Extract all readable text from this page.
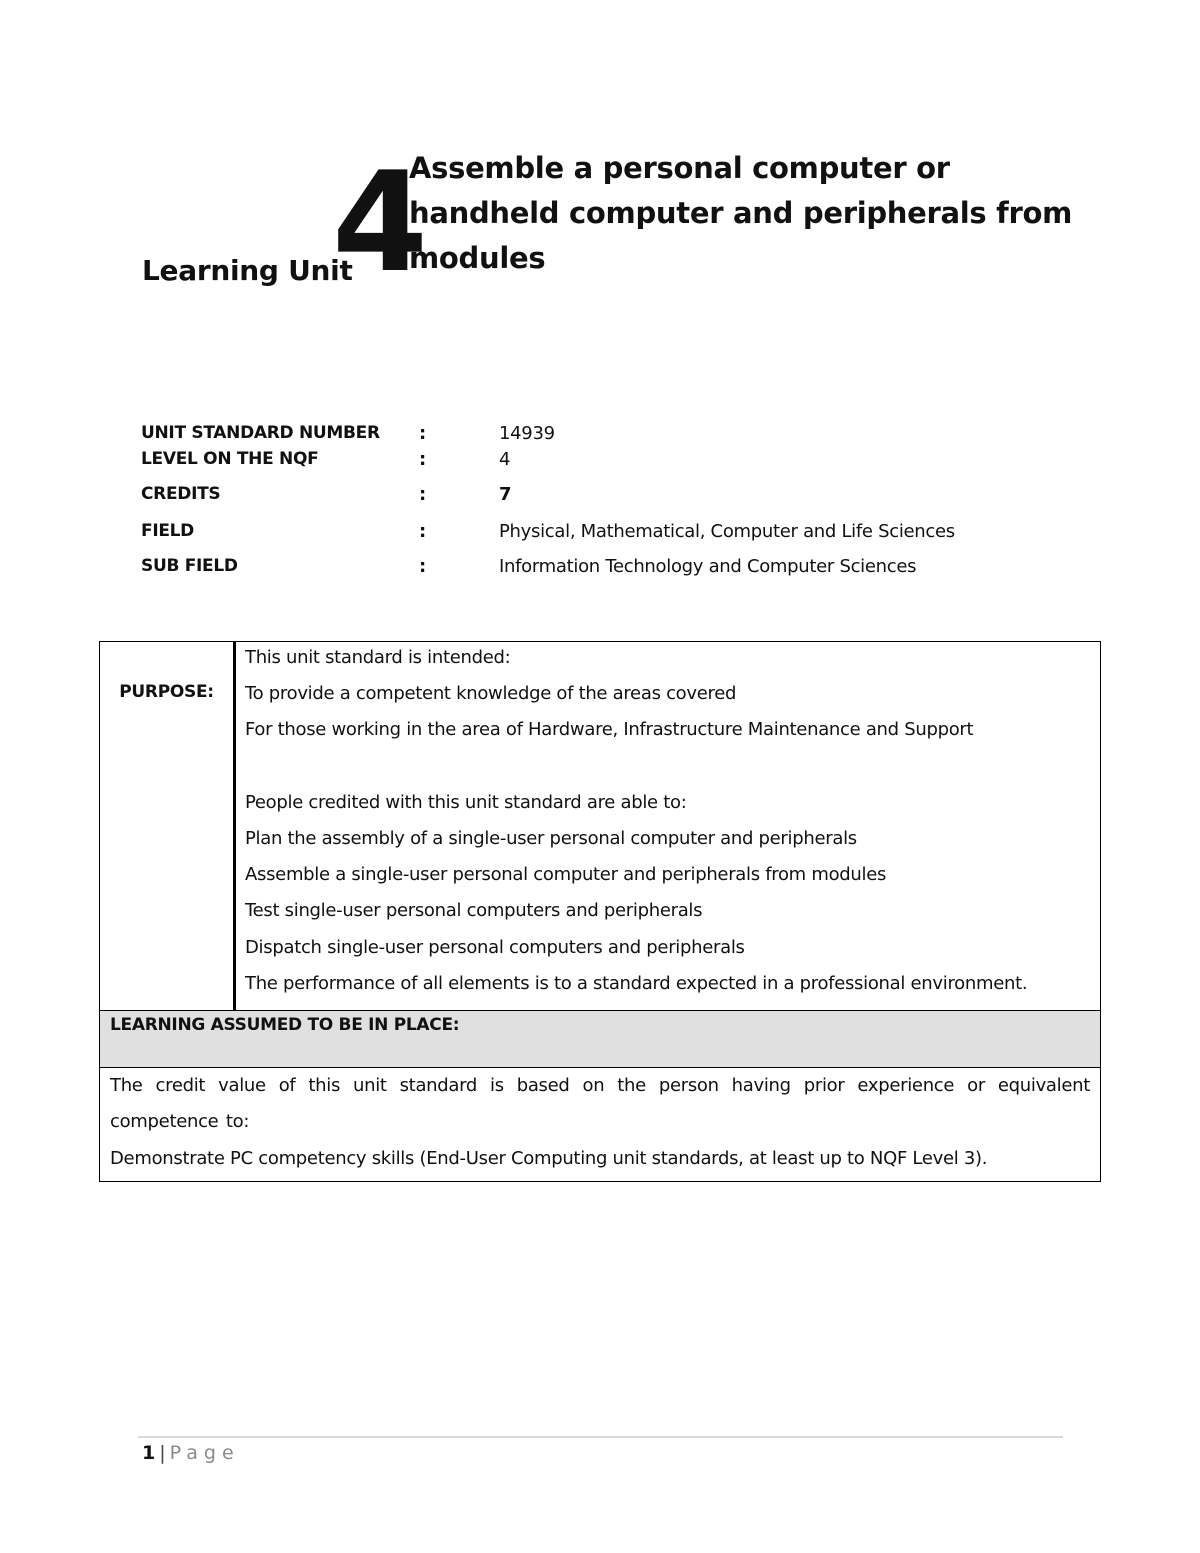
Learning Unit
4
Assemble a personal computer or handheld computer and peripherals from modules
UNIT STANDARD NUMBER	:	14939
LEVEL ON THE NQF	:	4
CREDITS	:	7
FIELD	:	Physical, Mathematical, Computer and Life Sciences
SUB FIELD	:	Information Technology and Computer Sciences
PURPOSE:	
This unit standard is intended:
To provide a competent knowledge of the areas covered
For those working in the area of Hardware, Infrastructure Maintenance and Support
People credited with this unit standard are able to:
Plan the assembly of a single-user personal computer and peripherals
Assemble a single-user personal computer and peripherals from modules
Test single-user personal computers and peripherals
Dispatch single-user personal computers and peripherals
The performance of all elements is to a standard expected in a professional environment.

LEARNING ASSUMED TO BE IN PLACE:

The credit value of this unit standard is based on the person having prior experience or equivalent competence to:
Demonstrate PC competency skills (End-User Computing unit standards, at least up to NQF Level 3).
1 | Page
